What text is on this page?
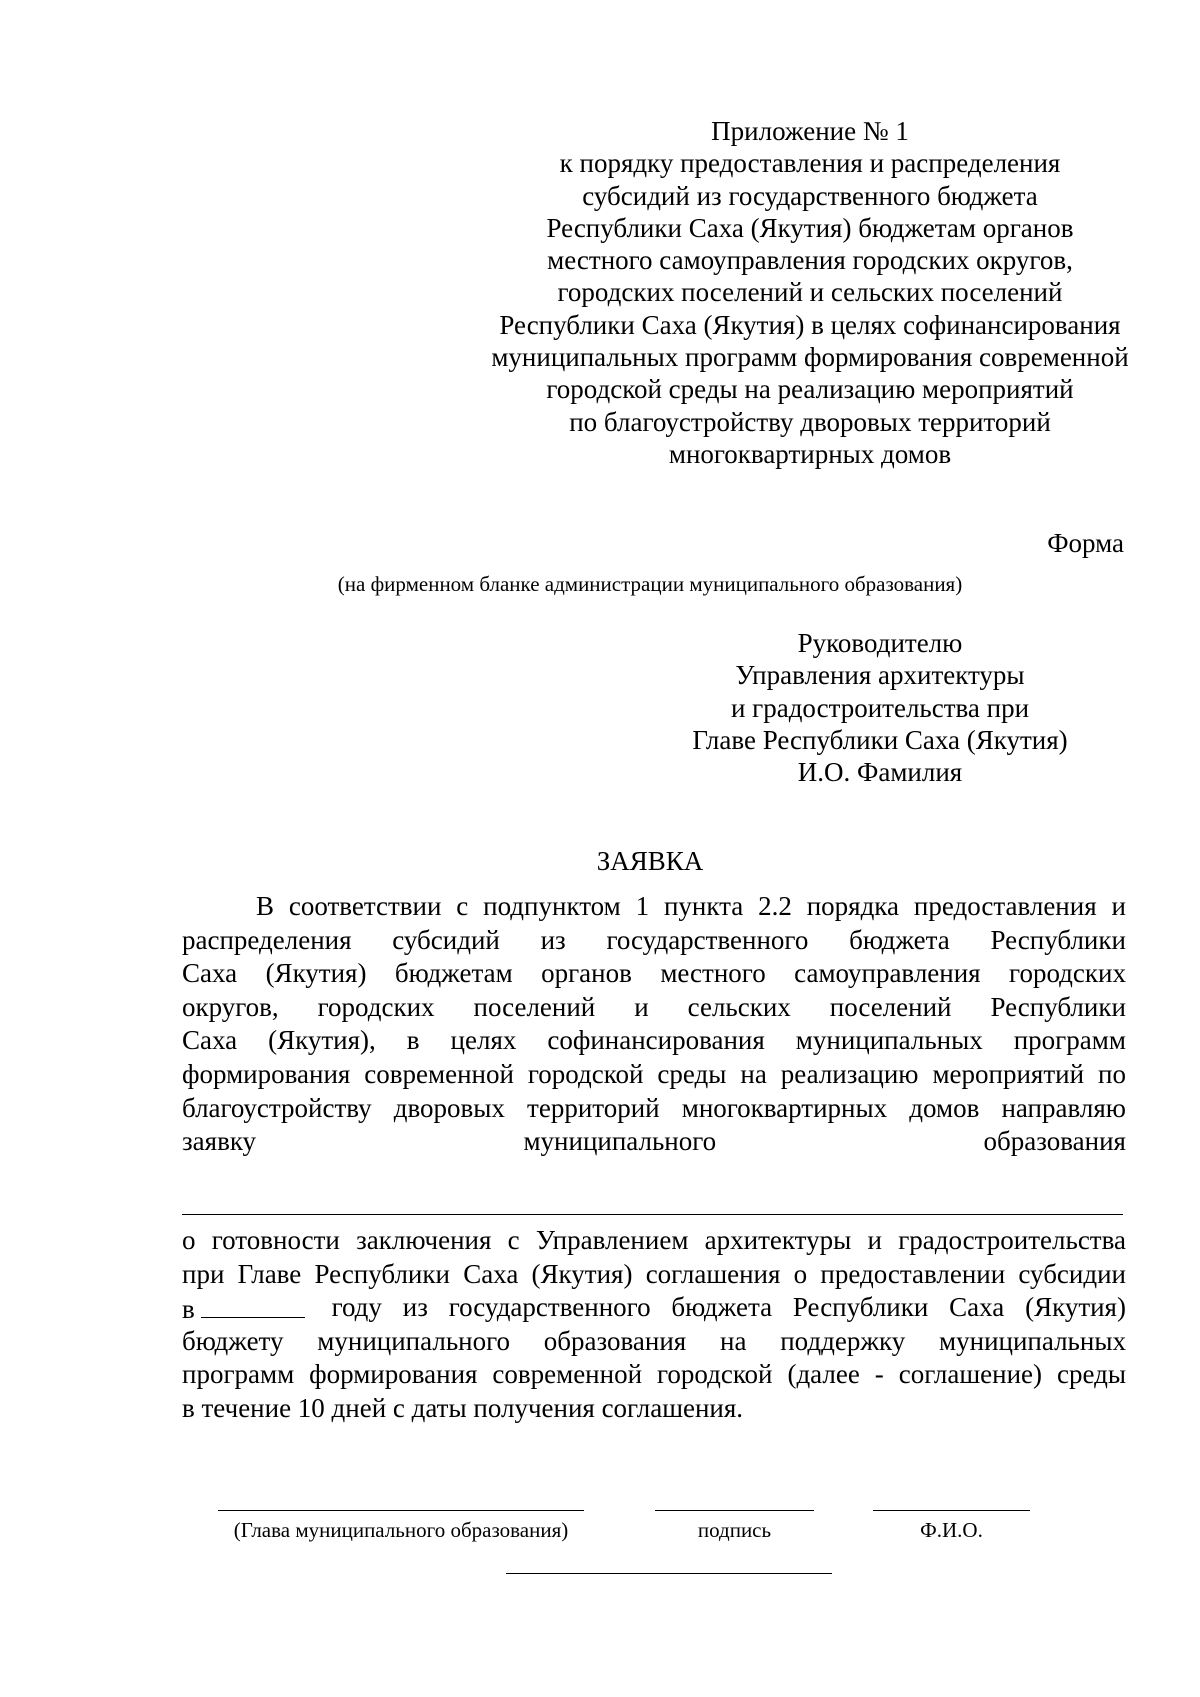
Приложение № 1
к порядку предоставления и распределения
субсидий из государственного бюджета
Республики Саха (Якутия) бюджетам органов
местного самоуправления городских округов,
городских поселений и сельских поселений
Республики Саха (Якутия) в целях софинансирования
муниципальных программ формирования современной
городской среды на реализацию мероприятий
по благоустройству дворовых территорий
многоквартирных домов
Форма
(на фирменном бланке администрации муниципального образования)
Руководителю
Управления архитектуры
и градостроительства при
Главе Республики Саха (Якутия)
И.О. Фамилия
ЗАЯВКА
В соответствии с подпунктом 1 пункта 2.2 порядка предоставления и
распределения субсидий из государственного бюджета Республики
Саха (Якутия) бюджетам органов местного самоуправления городских
округов, городских поселений и сельских поселений Республики
Саха (Якутия), в целях софинансирования муниципальных программ
формирования современной городской среды на реализацию мероприятий по
благоустройству дворовых территорий многоквартирных домов направляю
заявку	муниципального	образования
о готовности заключения с Управлением архитектуры и градостроительства
при Главе Республики Саха (Якутия) соглашения о предоставлении субсидии
в	году из государственного бюджета Республики Саха (Якутия)
бюджету муниципального образования на поддержку муниципальных
программ формирования современной городской (далее - соглашение) среды
в течение 10 дней с даты получения соглашения.
(Глава муниципального образования)	подпись	Ф.И.О.
